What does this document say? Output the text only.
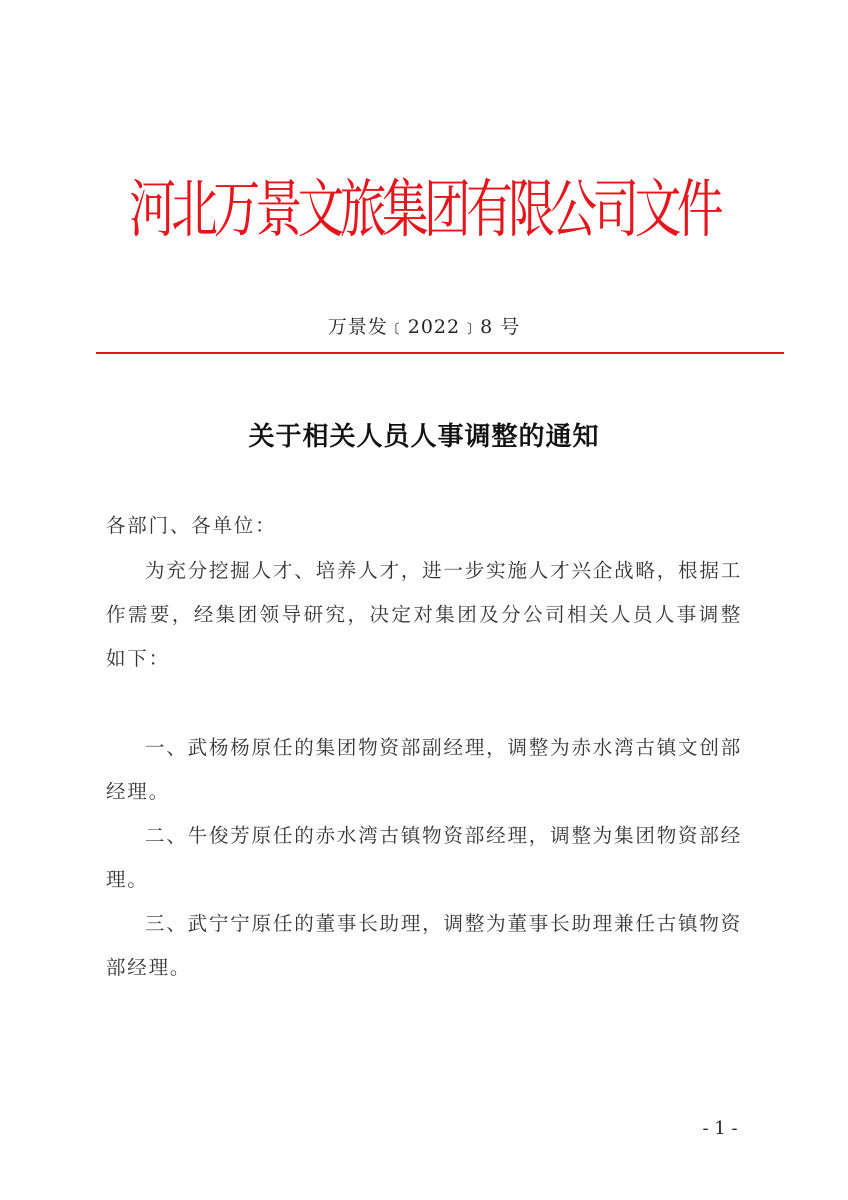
河北万景文旅集团有限公司文件
万景发﹝2022﹞8 号
关于相关人员人事调整的通知
各部门、各单位：
为充分挖掘人才、培养人才，进一步实施人才兴企战略，根据工作需要，经集团领导研究，决定对集团及分公司相关人员人事调整如下：
一、武杨杨原任的集团物资部副经理，调整为赤水湾古镇文创部经理。
二、牛俊芳原任的赤水湾古镇物资部经理，调整为集团物资部经理。
三、武宁宁原任的董事长助理，调整为董事长助理兼任古镇物资部经理。
- 1 -
